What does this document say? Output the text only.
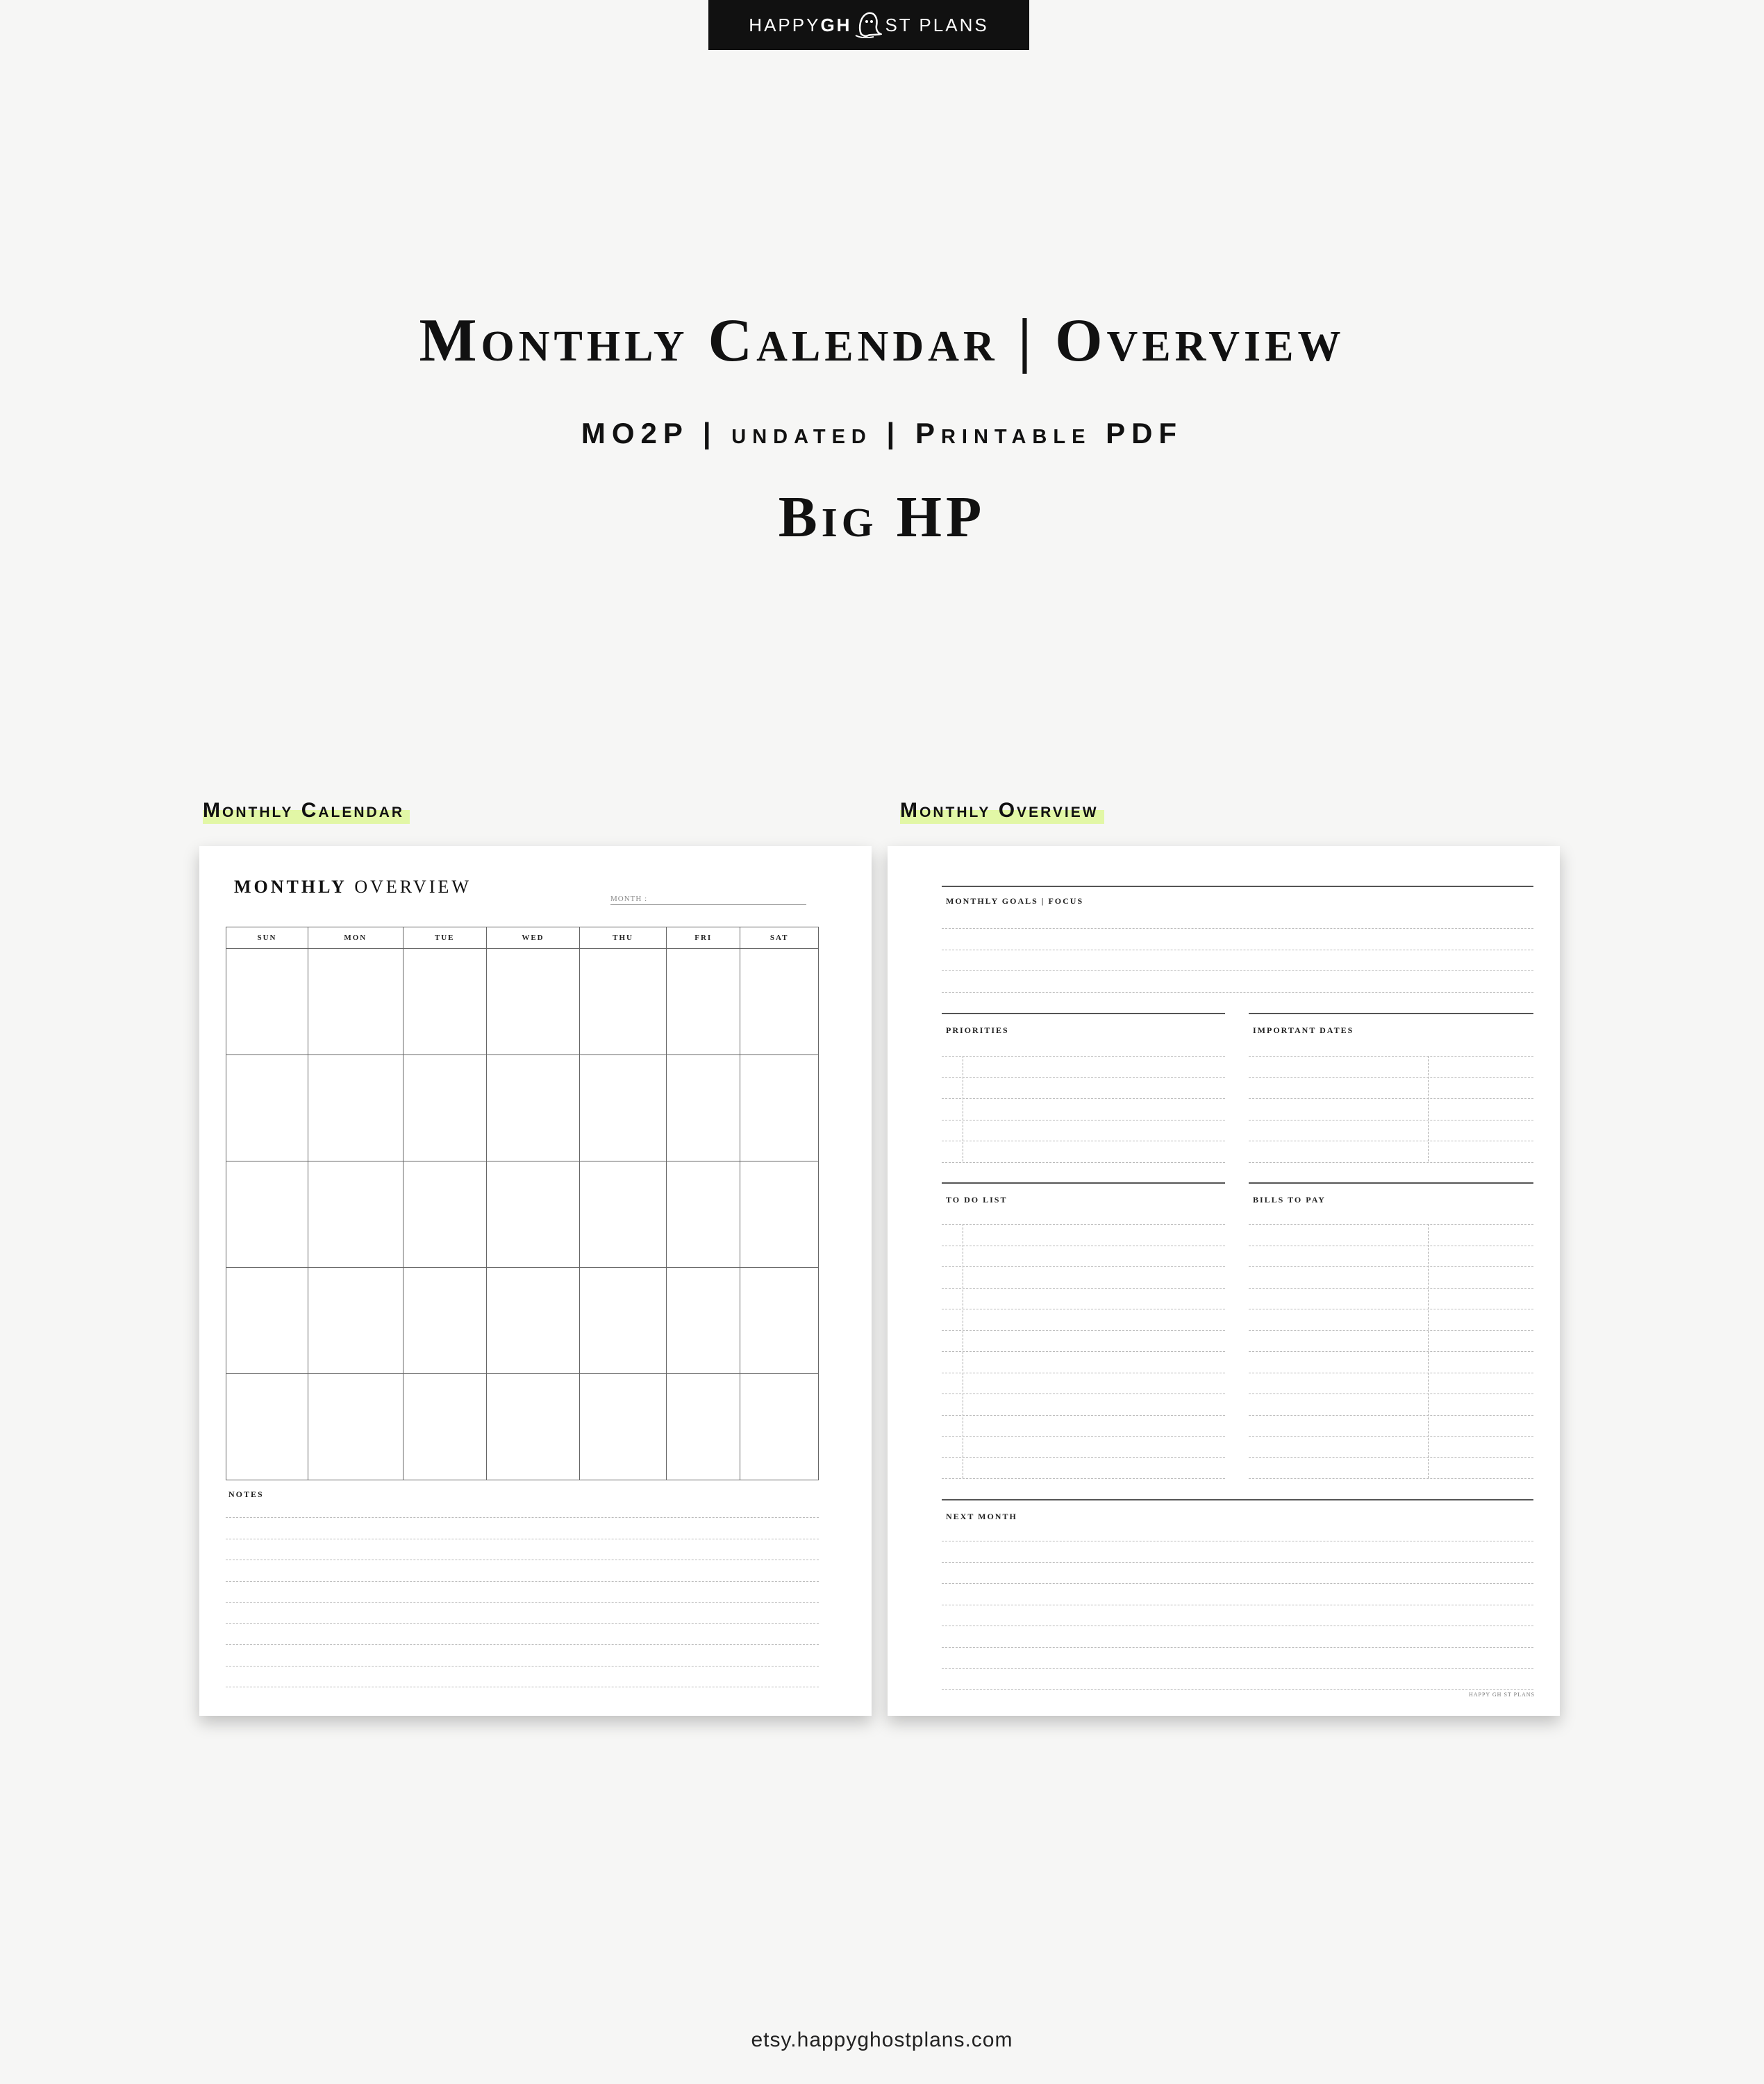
HAPPY GH ST PLANS
Monthly Calendar | Overview
MO2P | undated | Printable PDF
Big HP
Monthly Calendar	Monthly Overview
MONTHLY OVERVIEW
MONTH :
SUN	MON	TUE	WED	THU	FRI	SAT

NOTES
MONTHLY GOALS | FOCUS
PRIORITIES	IMPORTANT DATES
TO DO LIST	BILLS TO PAY
NEXT MONTH
HAPPY GH ST PLANS
etsy.happyghostplans.com
